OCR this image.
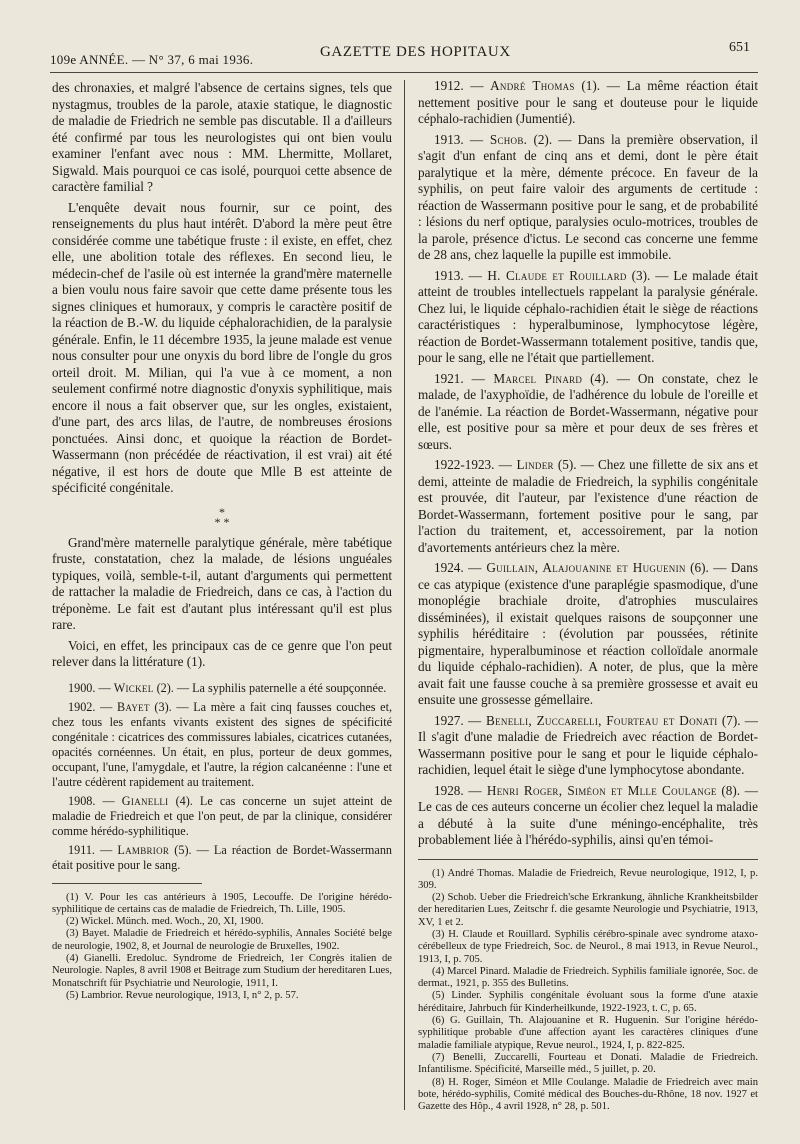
109e ANNÉE. — N° 37, 6 mai 1936.	GAZETTE DES HOPITAUX	651

des chronaxies, et malgré l'absence de certains signes, tels que nystagmus, troubles de la parole, ataxie statique, le diagnostic de maladie de Friedrich ne semble pas discutable. Il a d'ailleurs été confirmé par tous les neurologistes qui ont bien voulu examiner l'enfant avec nous : MM. Lhermitte, Mollaret, Sigwald. Mais pourquoi ce cas isolé, pourquoi cette absence de caractère familial ?

L'enquête devait nous fournir, sur ce point, des renseignements du plus haut intérêt. D'abord la mère peut être considérée comme une tabétique fruste : il existe, en effet, chez elle, une abolition totale des réflexes. En second lieu, le médecin-chef de l'asile où est internée la grand'mère maternelle a bien voulu nous faire savoir que cette dame présente tous les signes cliniques et humoraux, y compris le caractère positif de la réaction de B.-W. du liquide céphalorachidien, de la paralysie générale. Enfin, le 11 décembre 1935, la jeune malade est venue nous consulter pour une onyxis du bord libre de l'ongle du gros orteil droit. M. Milian, qui l'a vue à ce moment, a non seulement confirmé notre diagnostic d'onyxis syphilitique, mais encore il nous a fait observer que, sur les ongles, existaient, d'une part, des arcs lilas, de l'autre, de nombreuses érosions ponctuées. Ainsi donc, et quoique la réaction de Bordet-Wassermann (non précédée de réactivation, il est vrai) ait été négative, il est hors de doute que Mlle B est atteinte de spécificité congénitale.

*
* *

Grand'mère maternelle paralytique générale, mère tabétique fruste, constatation, chez la malade, de lésions unguéales typiques, voilà, semble-t-il, autant d'arguments qui permettent de rattacher la maladie de Friedreich, dans ce cas, à l'action du tréponème. Le fait est d'autant plus intéressant qu'il est plus rare.

Voici, en effet, les principaux cas de ce genre que l'on peut relever dans la littérature (1).

1900. — Wickel (2). — La syphilis paternelle a été soupçonnée.

1902. — Bayet (3). — La mère a fait cinq fausses couches et, chez tous les enfants vivants existent des signes de spécificité congénitale : cicatrices des commissures labiales, cicatrices cutanées, opacités cornéennes. Un était, en plus, porteur de deux gommes, occupant, l'une, l'amygdale, et l'autre, la région calcanéenne : l'une et l'autre cédèrent rapidement au traitement.

1908. — Gianelli (4). Le cas concerne un sujet atteint de maladie de Friedreich et que l'on peut, de par la clinique, considérer comme hérédo-syphilitique.

1911. — Lambrior (5). — La réaction de Bordet-Wassermann était positive pour le sang.

(1) V. Pour les cas antérieurs à 1905, Lecouffe. De l'origine hérédo-syphilitique de certains cas de maladie de Friedreich, Th. Lille, 1905.

(2) Wickel. Münch. med. Woch., 20, XI, 1900.

(3) Bayet. Maladie de Friedreich et hérédo-syphilis, Annales Société belge de neurologie, 1902, 8, et Journal de neurologie de Bruxelles, 1902.

(4) Gianelli. Eredoluc. Syndrome de Friedreich, 1er Congrès italien de Neurologie. Naples, 8 avril 1908 et Beitrage zum Studium der hereditaren Lues, Monatschrift für Psychiatrie und Neurologie, 1911, I.

(5) Lambrior. Revue neurologique, 1913, I, n° 2, p. 57.

1912. — André Thomas (1). — La même réaction était nettement positive pour le sang et douteuse pour le liquide céphalo-rachidien (Jumentié).

1913. — Schob. (2). — Dans la première observation, il s'agit d'un enfant de cinq ans et demi, dont le père était paralytique et la mère, démente précoce. En faveur de la syphilis, on peut faire valoir des arguments de certitude : réaction de Wassermann positive pour le sang, et de probabilité : lésions du nerf optique, paralysies oculo-motrices, troubles de la parole, présence d'ictus. Le second cas concerne une femme de 28 ans, chez laquelle la pupille est immobile.

1913. — H. Claude et Rouillard (3). — Le malade était atteint de troubles intellectuels rappelant la paralysie générale. Chez lui, le liquide céphalo-rachidien était le siège de réactions caractéristiques : hyperalbuminose, lymphocytose légère, réaction de Bordet-Wassermann totalement positive, tandis que, pour le sang, elle ne l'était que partiellement.

1921. — Marcel Pinard (4). — On constate, chez le malade, de l'axyphoïdie, de l'adhérence du lobule de l'oreille et de l'anémie. La réaction de Bordet-Wassermann, négative pour elle, est positive pour sa mère et pour deux de ses frères et sœurs.

1922-1923. — Linder (5). — Chez une fillette de six ans et demi, atteinte de maladie de Friedreich, la syphilis congénitale est prouvée, dit l'auteur, par l'existence d'une réaction de Bordet-Wassermann, fortement positive pour le sang, par l'action du traitement, et, accessoirement, par la notion d'avortements antérieurs chez la mère.

1924. — Guillain, Alajouanine et Huguenin (6). — Dans ce cas atypique (existence d'une paraplégie spasmodique, d'une monoplégie brachiale droite, d'atrophies musculaires disséminées), il existait quelques raisons de soupçonner une syphilis héréditaire : (évolution par poussées, rétinite pigmentaire, hyperalbuminose et réaction colloïdale anormale du liquide céphalo-rachidien). A noter, de plus, que la mère avait fait une fausse couche à sa première grossesse et avait eu ensuite une grossesse gémellaire.

1927. — Benelli, Zuccarelli, Fourteau et Donati (7). — Il s'agit d'une maladie de Friedreich avec réaction de Bordet-Wassermann positive pour le sang et pour le liquide céphalo-rachidien, lequel était le siège d'une lymphocytose abondante.

1928. — Henri Roger, Siméon et Mlle Coulange (8). — Le cas de ces auteurs concerne un écolier chez lequel la maladie a débuté à la suite d'une méningo-encéphalite, très probablement liée à l'hérédo-syphilis, ainsi qu'en témoi-

(1) André Thomas. Maladie de Friedreich, Revue neurologique, 1912, I, p. 309.

(2) Schob. Ueber die Friedreich'sche Erkrankung, ähnliche Krankheitsbilder der hereditarien Lues, Zeitschr f. die gesamte Neurologie und Psychiatrie, 1913, XV, 1 et 2.

(3) H. Claude et Rouillard. Syphilis cérébro-spinale avec syndrome ataxo-cérébelleux de type Friedreich, Soc. de Neurol., 8 mai 1913, in Revue Neurol., 1913, I, p. 705.

(4) Marcel Pinard. Maladie de Friedreich. Syphilis familiale ignorée, Soc. de dermat., 1921, p. 355 des Bulletins.

(5) Linder. Syphilis congénitale évoluant sous la forme d'une ataxie héréditaire, Jahrbuch für Kinderheilkunde, 1922-1923, t. C, p. 65.

(6) G. Guillain, Th. Alajouanine et R. Huguenin. Sur l'origine hérédo-syphilitique probable d'une affection ayant les caractères cliniques d'une maladie familiale atypique, Revue neurol., 1924, I, p. 822-825.

(7) Benelli, Zuccarelli, Fourteau et Donati. Maladie de Friedreich. Infantilisme. Spécificité, Marseille méd., 5 juillet, p. 20.

(8) H. Roger, Siméon et Mlle Coulange. Maladie de Friedreich avec main bote, hérédo-syphilis, Comité médical des Bouches-du-Rhône, 18 nov. 1927 et Gazette des Hôp., 4 avril 1928, n° 28, p. 501.
